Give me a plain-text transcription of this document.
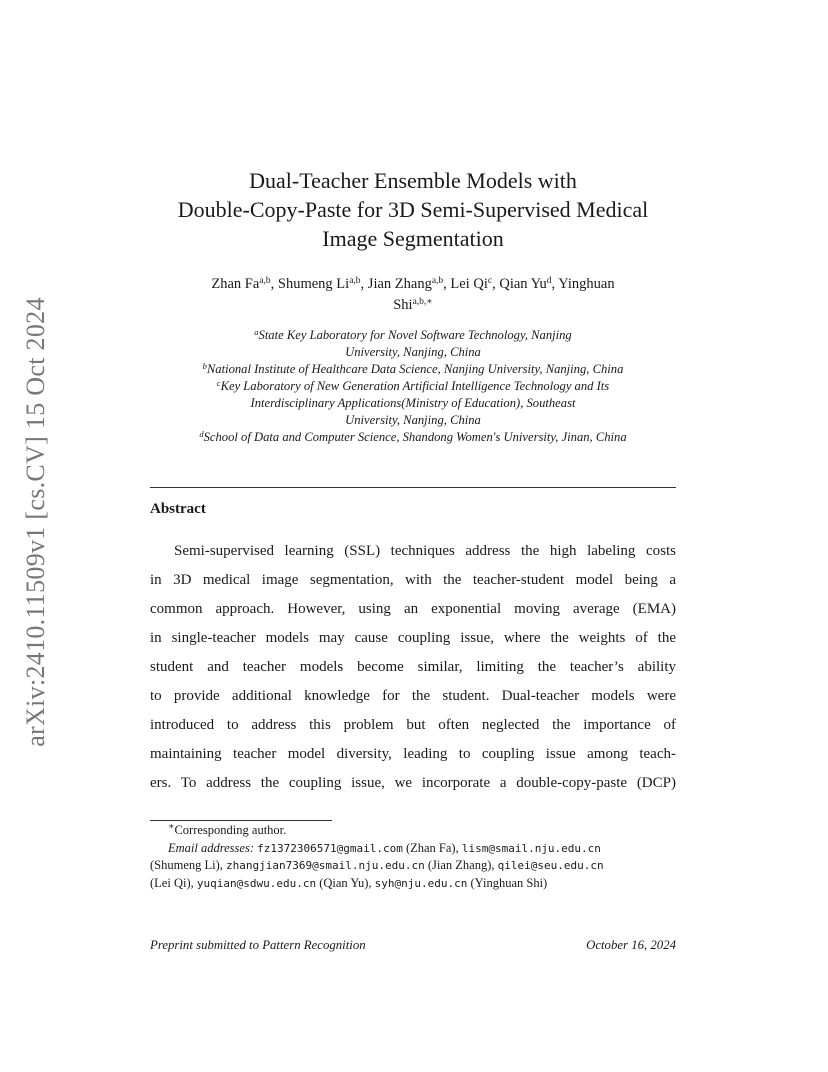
arXiv:2410.11509v1 [cs.CV] 15 Oct 2024
Dual-Teacher Ensemble Models with
Double-Copy-Paste for 3D Semi-Supervised Medical
Image Segmentation
Zhan Fa$^{a,b}$, Shumeng Li$^{a,b}$, Jian Zhang$^{a,b}$, Lei Qi$^c$, Qian Yu$^d$, Yinghuan
Shi$^{a,b,∗}$
$^a$State Key Laboratory for Novel Software Technology, Nanjing
University, Nanjing, China
$^b$National Institute of Healthcare Data Science, Nanjing University, Nanjing, China
$^c$Key Laboratory of New Generation Artificial Intelligence Technology and Its
Interdisciplinary Applications(Ministry of Education), Southeast
University, Nanjing, China
$^d$School of Data and Computer Science, Shandong Women's University, Jinan, China
Abstract
Semi-supervised learning (SSL) techniques address the high labeling costs
in 3D medical image segmentation, with the teacher-student model being a
common approach. However, using an exponential moving average (EMA)
in single-teacher models may cause coupling issue, where the weights of the
student and teacher models become similar, limiting the teacher’s ability
to provide additional knowledge for the student. Dual-teacher models were
introduced to address this problem but often neglected the importance of
maintaining teacher model diversity, leading to coupling issue among teach-
ers. To address the coupling issue, we incorporate a double-copy-paste (DCP)
∗Corresponding author.
Email addresses: fz1372306571@gmail.com (Zhan Fa), lism@smail.nju.edu.cn
(Shumeng Li), zhangjian7369@smail.nju.edu.cn (Jian Zhang), qilei@seu.edu.cn
(Lei Qi), yuqian@sdwu.edu.cn (Qian Yu), syh@nju.edu.cn (Yinghuan Shi)
Preprint submitted to Pattern Recognition	October 16, 2024
